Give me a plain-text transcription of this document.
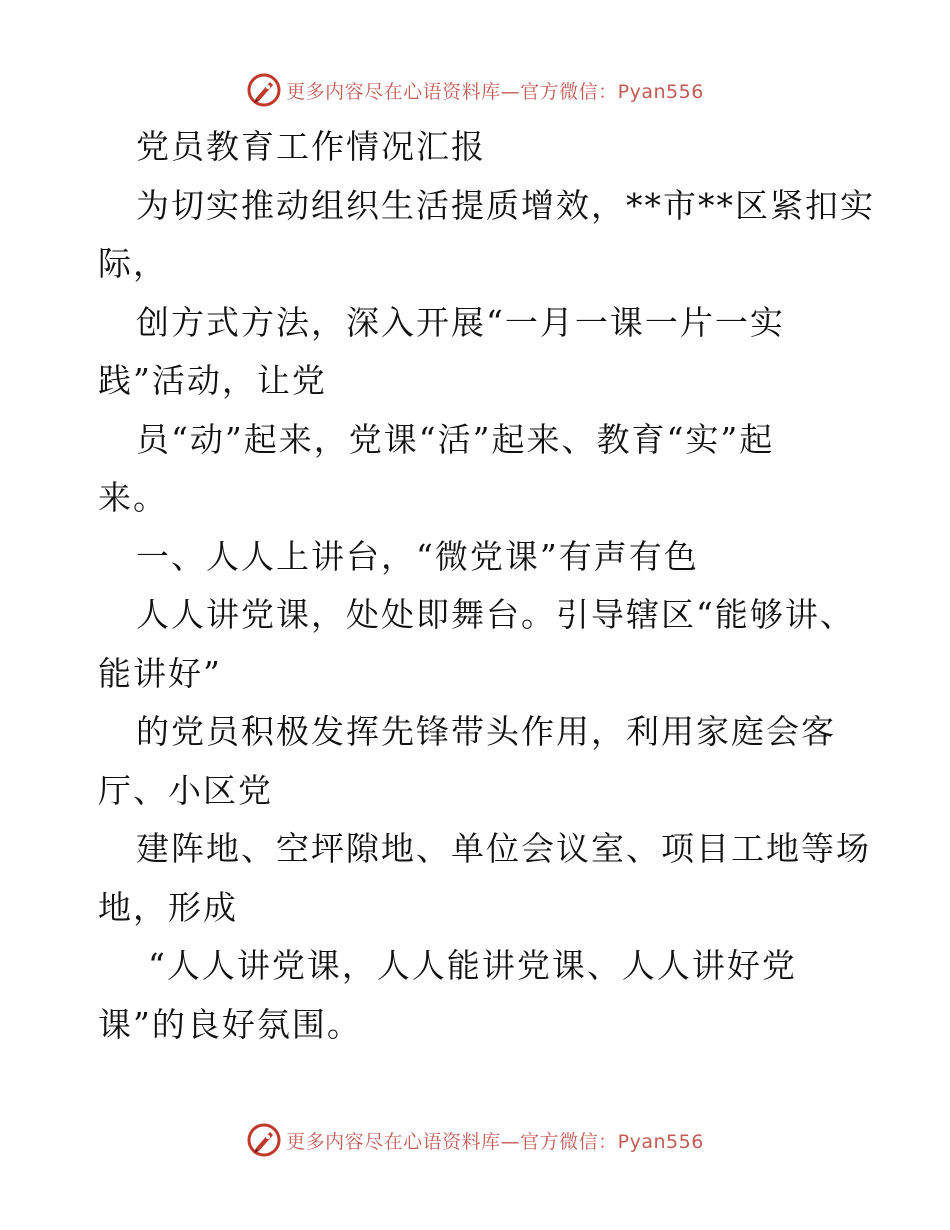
更多内容尽在心语资料库—官方微信：Pyan556
党员教育工作情况汇报
为切实推动组织生活提质增效，**市**区紧扣实
际，
创方式方法，深入开展“一月一课一片一实
践”活动，让党
员“动”起来，党课“活”起来、教育“实”起
来。
一、人人上讲台，“微党课”有声有色
人人讲党课，处处即舞台。引导辖区“能够讲、
能讲好”
的党员积极发挥先锋带头作用，利用家庭会客
厅、小区党
建阵地、空坪隙地、单位会议室、项目工地等场
地，形成
“人人讲党课，人人能讲党课、人人讲好党
课”的良好氛围。
更多内容尽在心语资料库—官方微信：Pyan556
